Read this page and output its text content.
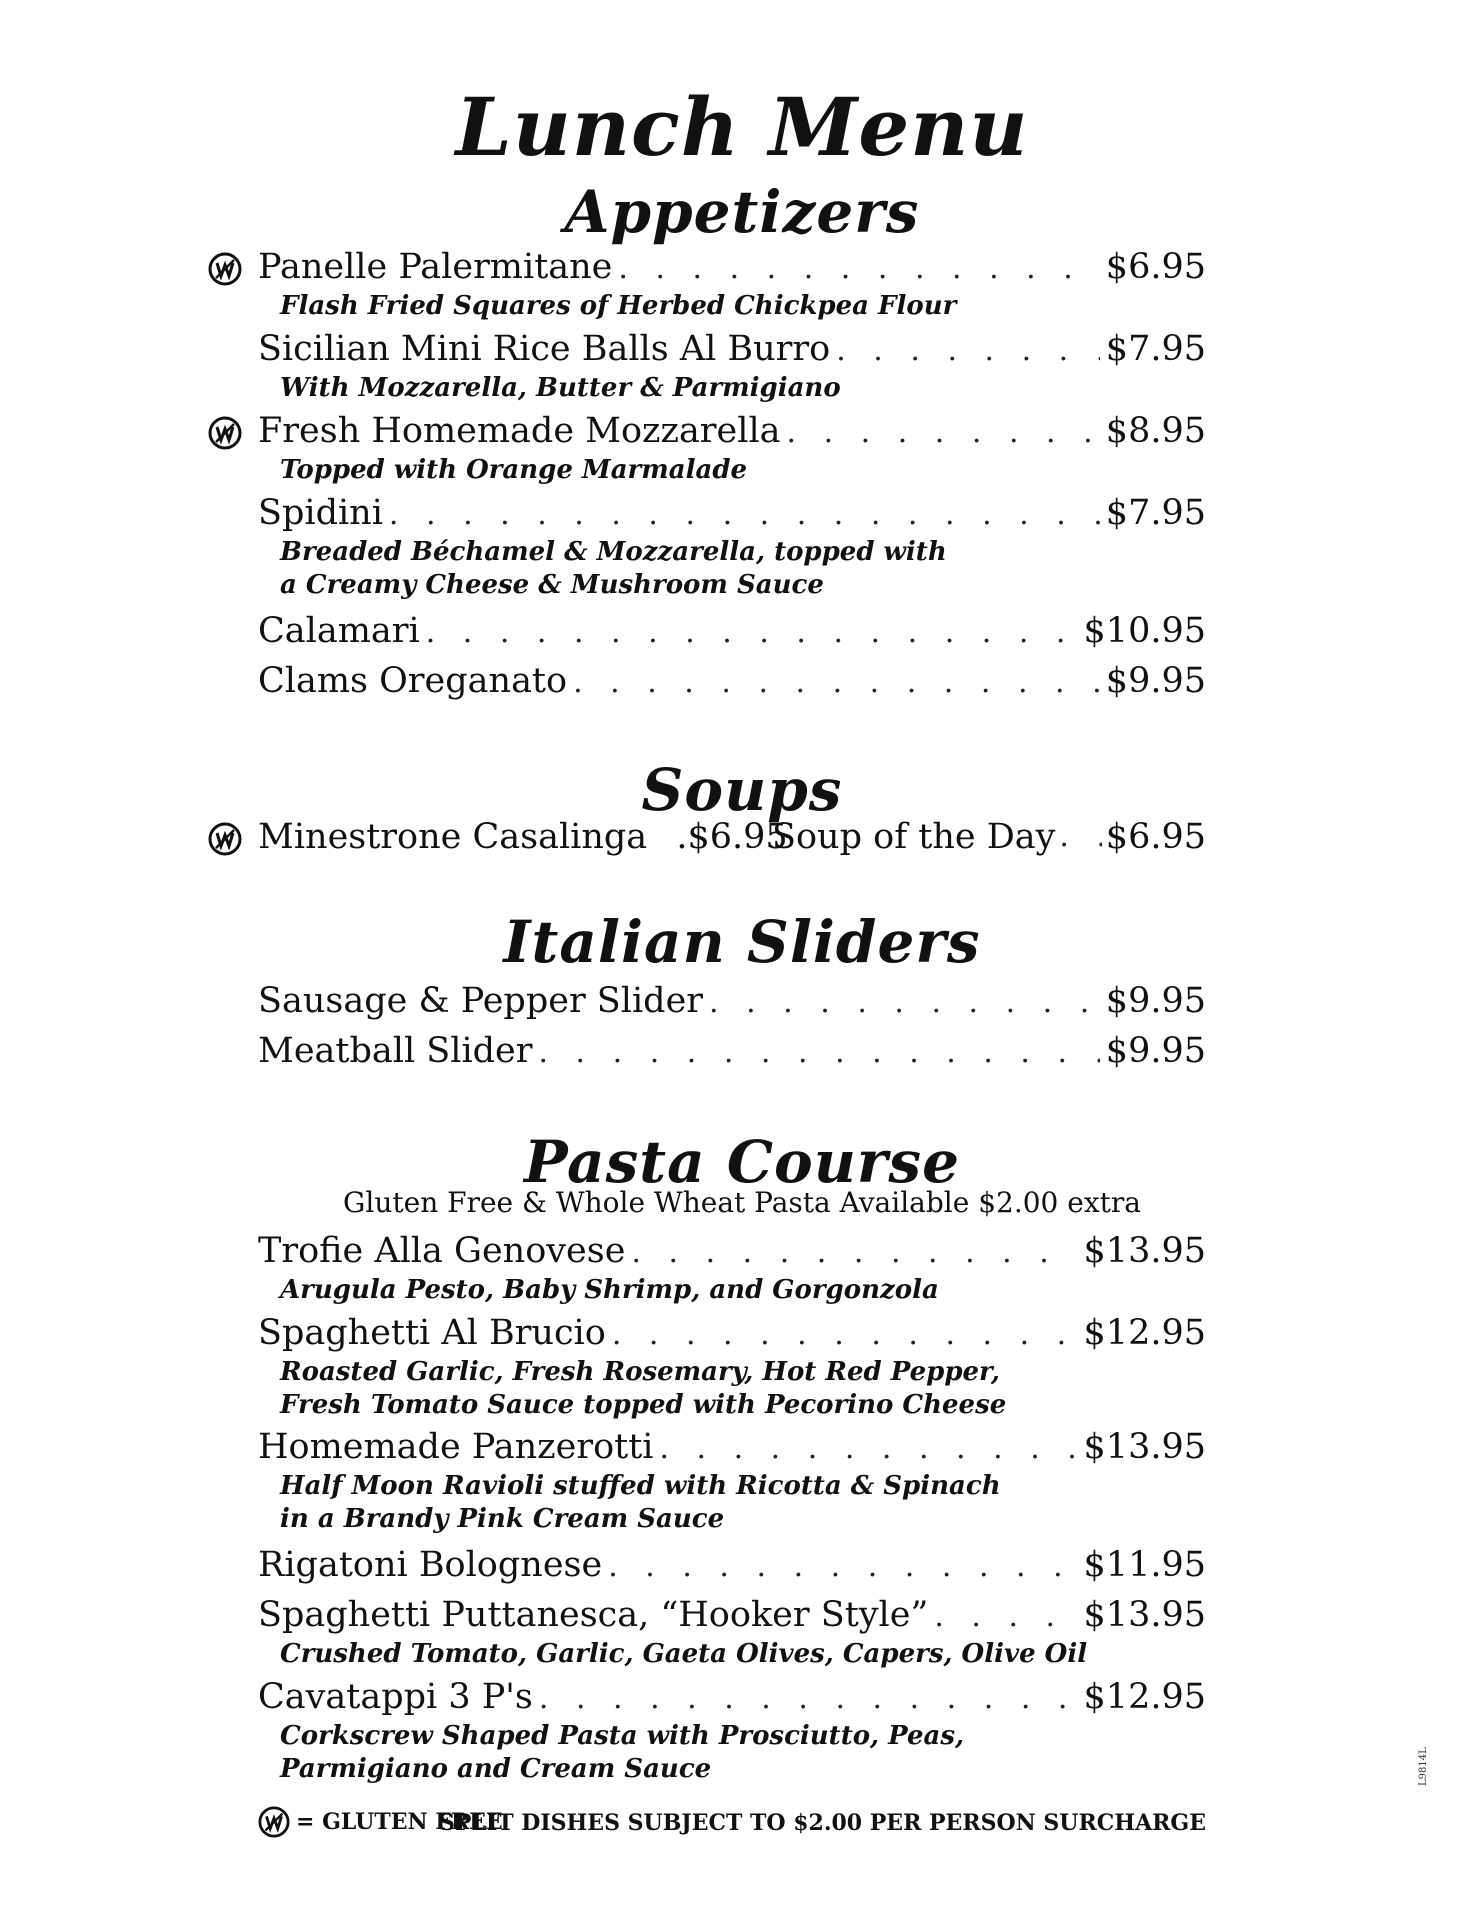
Lunch Menu
Appetizers
Panelle Palermitane . . .	$6.95
Flash Fried Squares of Herbed Chickpea Flour
Sicilian Mini Rice Balls Al Burro . . .	$7.95
With Mozzarella, Butter & Parmigiano
Fresh Homemade Mozzarella . . .	$8.95
Topped with Orange Marmalade
Spidini . . .	$7.95
Breaded Béchamel & Mozzarella, topped with
a Creamy Cheese & Mushroom Sauce
Calamari . . .	$10.95
Clams Oreganato . . .	$9.95
Soups
Minestrone Casalinga .$6.95
Soup of the Day . . . $6.95
Italian Sliders
Sausage & Pepper Slider . . .	$9.95
Meatball Slider . . .	$9.95
Pasta Course
Gluten Free & Whole Wheat Pasta Available $2.00 extra
Trofie Alla Genovese . . .	$13.95
Arugula Pesto, Baby Shrimp, and Gorgonzola
Spaghetti Al Brucio . . .	$12.95
Roasted Garlic, Fresh Rosemary, Hot Red Pepper,
Fresh Tomato Sauce topped with Pecorino Cheese
Homemade Panzerotti . . .	$13.95
Half Moon Ravioli stuffed with Ricotta & Spinach
in a Brandy Pink Cream Sauce
Rigatoni Bolognese . . .	$11.95
Spaghetti Puttanesca, “Hooker Style” . . .	$13.95
Crushed Tomato, Garlic, Gaeta Olives, Capers, Olive Oil
Cavatappi 3 P's . . .	$12.95
Corkscrew Shaped Pasta with Prosciutto, Peas,
Parmigiano and Cream Sauce
= GLUTEN FREE
SPLIT DISHES SUBJECT TO $2.00 PER PERSON SURCHARGE
L9814L
